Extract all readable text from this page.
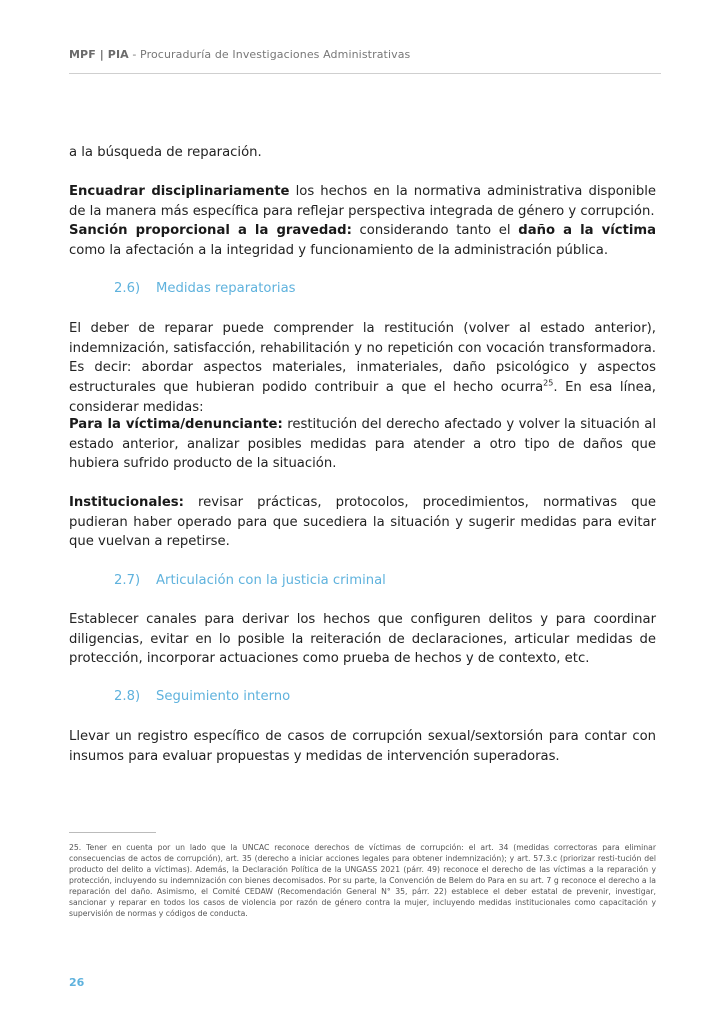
MPF | PIA - Procuraduría de Investigaciones Administrativas

a la búsqueda de reparación.

Encuadrar disciplinariamente los hechos en la normativa administrativa disponible de la manera más específica para reflejar perspectiva integrada de género y corrupción.
Sanción proporcional a la gravedad: considerando tanto el daño a la víctima como la afectación a la integridad y funcionamiento de la administración pública.

2.6) Medidas reparatorias

El deber de reparar puede comprender la restitución (volver al estado anterior), indemnización, satisfacción, rehabilitación y no repetición con vocación transformadora. Es decir: abordar aspectos materiales, inmateriales, daño psicológico y aspectos estructurales que hubieran podido contribuir a que el hecho ocurra$^{25}$. En esa línea, considerar medidas:

Para la víctima/denunciante: restitución del derecho afectado y volver la situación al estado anterior, analizar posibles medidas para atender a otro tipo de daños que hubiera sufrido producto de la situación.

Institucionales: revisar prácticas, protocolos, procedimientos, normativas que pudieran haber operado para que sucediera la situación y sugerir medidas para evitar que vuelvan a repetirse.

2.7) Articulación con la justicia criminal

Establecer canales para derivar los hechos que configuren delitos y para coordinar diligencias, evitar en lo posible la reiteración de declaraciones, articular medidas de protección, incorporar actuaciones como prueba de hechos y de contexto, etc.

2.8) Seguimiento interno

Llevar un registro específico de casos de corrupción sexual/sextorsión para contar con insumos para evaluar propuestas y medidas de intervención superadoras.

25. Tener en cuenta por un lado que la UNCAC reconoce derechos de víctimas de corrupción: el art. 34 (medidas correctoras para eliminar consecuencias de actos de corrupción), art. 35 (derecho a iniciar acciones legales para obtener indemnización); y art. 57.3.c (priorizar resti-tución del producto del delito a víctimas). Además, la Declaración Política de la UNGASS 2021 (párr. 49) reconoce el derecho de las víctimas a la reparación y protección, incluyendo su indemnización con bienes decomisados. Por su parte, la Convención de Belem do Para en su art. 7 g reconoce el derecho a la reparación del daño. Asimismo, el Comité CEDAW (Recomendación General N° 35, párr. 22) establece el deber estatal de prevenir, investigar, sancionar y reparar en todos los casos de violencia por razón de género contra la mujer, incluyendo medidas institucionales como capacitación y supervisión de normas y códigos de conducta.

26
